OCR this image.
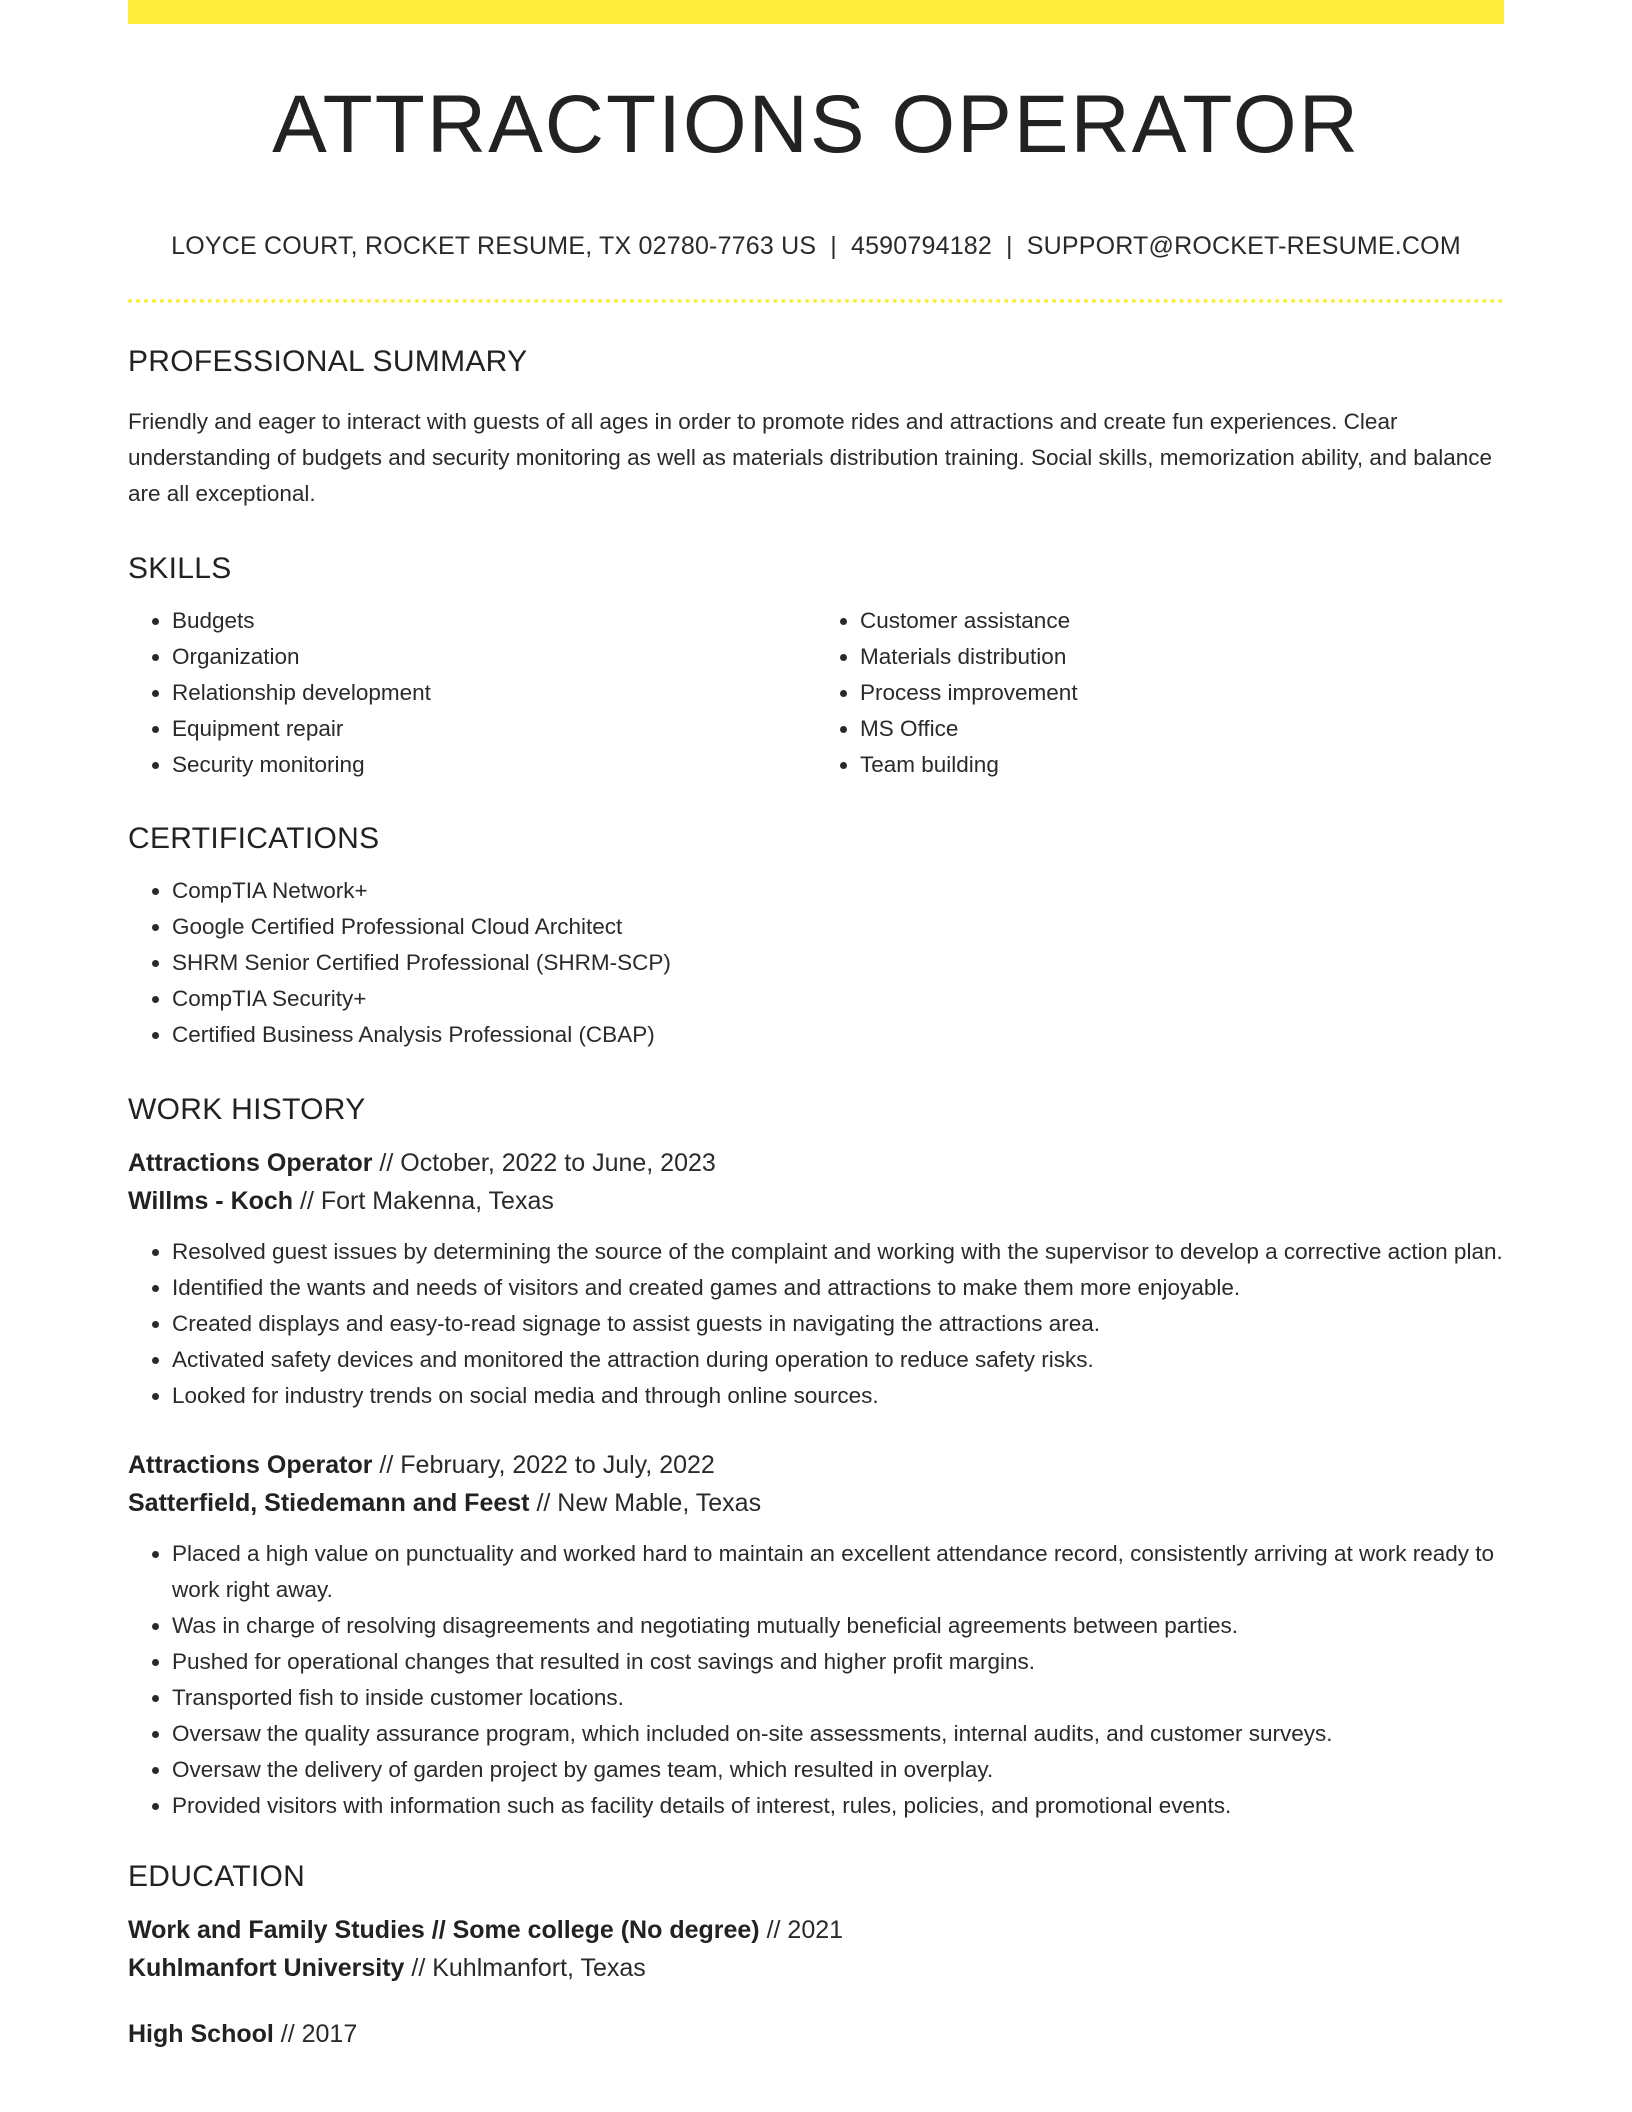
ATTRACTIONS OPERATOR
LOYCE COURT, ROCKET RESUME, TX 02780-7763 US | 4590794182 | SUPPORT@ROCKET-RESUME.COM
PROFESSIONAL SUMMARY

Friendly and eager to interact with guests of all ages in order to promote rides and attractions and create fun experiences. Clear understanding of budgets and security monitoring as well as materials distribution training. Social skills, memorization ability, and balance are all exceptional.

SKILLS
• Budgets
• Organization
• Relationship development
• Equipment repair
• Security monitoring
• Customer assistance
• Materials distribution
• Process improvement
• MS Office
• Team building
CERTIFICATIONS
• CompTIA Network+
• Google Certified Professional Cloud Architect
• SHRM Senior Certified Professional (SHRM-SCP)
• CompTIA Security+
• Certified Business Analysis Professional (CBAP)
WORK HISTORY
Attractions Operator // October, 2022 to June, 2023
Willms - Koch // Fort Makenna, Texas
• Resolved guest issues by determining the source of the complaint and working with the supervisor to develop a corrective action plan.
• Identified the wants and needs of visitors and created games and attractions to make them more enjoyable.
• Created displays and easy-to-read signage to assist guests in navigating the attractions area.
• Activated safety devices and monitored the attraction during operation to reduce safety risks.
• Looked for industry trends on social media and through online sources.
Attractions Operator // February, 2022 to July, 2022
Satterfield, Stiedemann and Feest // New Mable, Texas
• Placed a high value on punctuality and worked hard to maintain an excellent attendance record, consistently arriving at work ready to work right away.
• Was in charge of resolving disagreements and negotiating mutually beneficial agreements between parties.
• Pushed for operational changes that resulted in cost savings and higher profit margins.
• Transported fish to inside customer locations.
• Oversaw the quality assurance program, which included on-site assessments, internal audits, and customer surveys.
• Oversaw the delivery of garden project by games team, which resulted in overplay.
• Provided visitors with information such as facility details of interest, rules, policies, and promotional events.
EDUCATION
Work and Family Studies // Some college (No degree) // 2021
Kuhlmanfort University // Kuhlmanfort, Texas
High School // 2017
